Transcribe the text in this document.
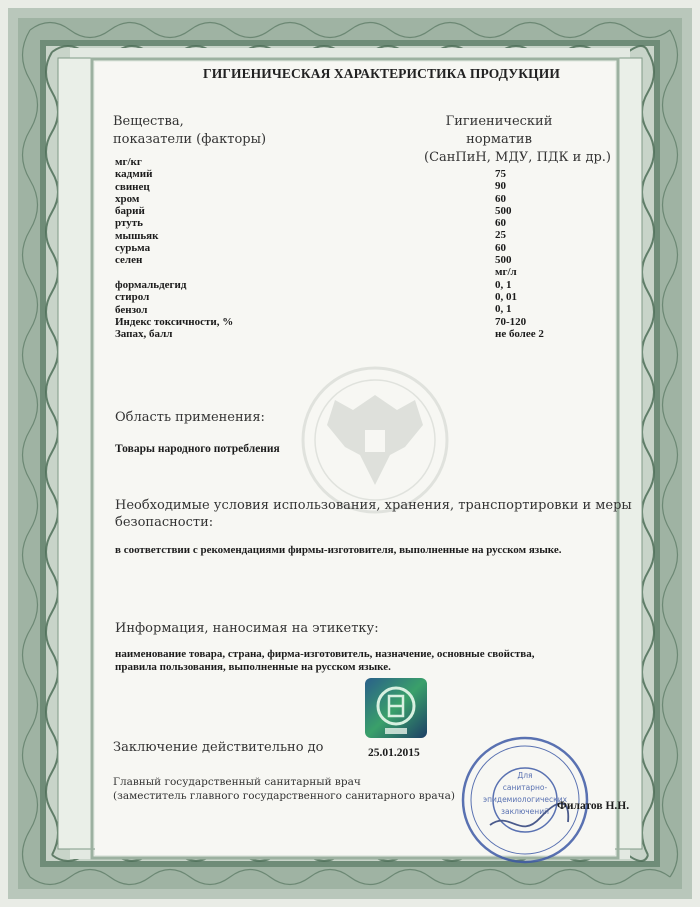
ГИГИЕНИЧЕСКАЯ ХАРАКТЕРИСТИКА ПРОДУКЦИИ
Вещества,
показатели (факторы)
Гигиенический
норматив
(СанПиН, МДУ, ПДК и др.)
мг/кг
кадмий
свинец
хром
барий
ртуть
мышьяк
сурьма
селен
формальдегид
стирол
бензол
Индекс токсичности, %
Запах, балл
75
90
60
500
60
25
60
500
мг/л
0, 1
0, 01
0, 1
70-120
не более 2
Область применения:
Товары народного потребления
Необходимые условия использования, хранения, транспортировки и меры
безопасности:
в соответствии с рекомендациями фирмы-изготовителя, выполненные на русском языке.
Информация, наносимая на этикетку:
наименование товара, страна, фирма-изготовитель, назначение, основные свойства,
правила пользования, выполненные на русском языке.
Заключение действительно до	25.01.2015
Главный государственный санитарный врач
(заместитель главного государственного санитарного врача)
Для
санитарно-
эпидемиологических
заключений Филатов Н.Н.
